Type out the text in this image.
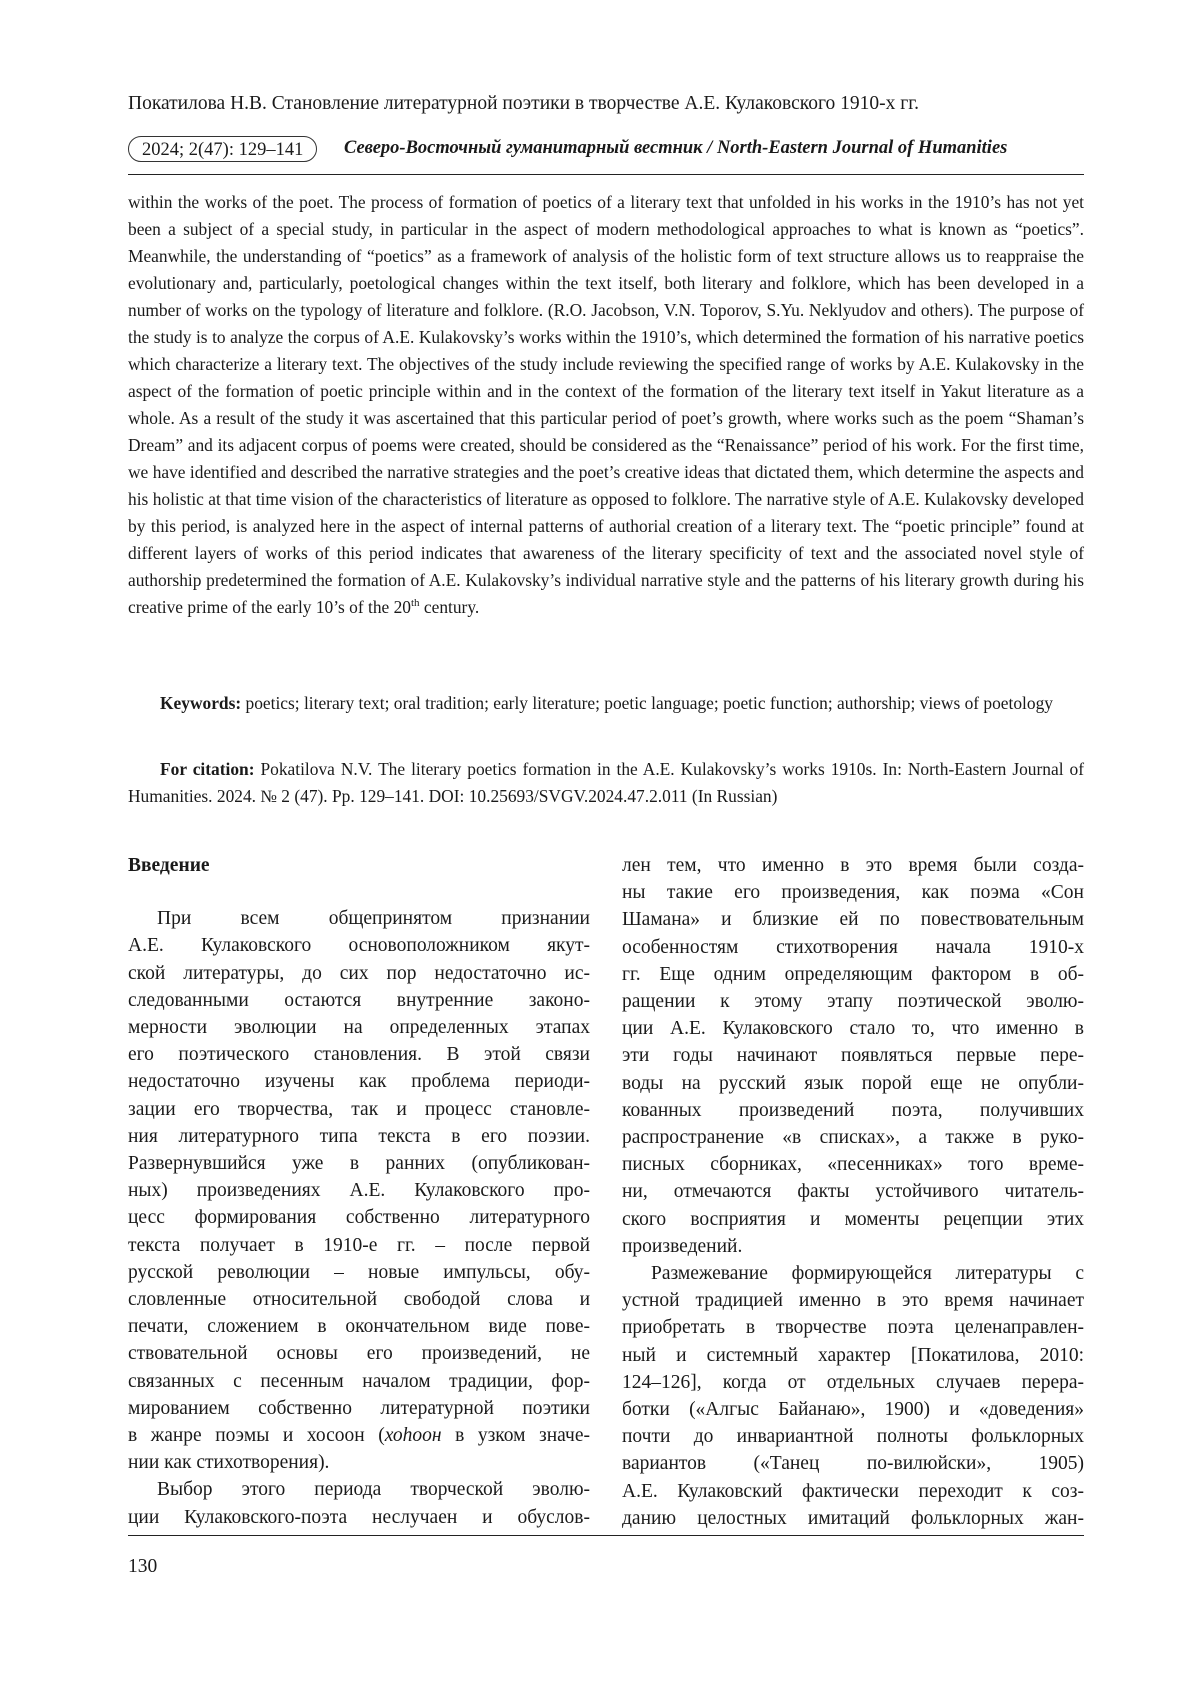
Покатилова Н.В. Становление литературной поэтики в творчестве А.Е. Кулаковского 1910-х гг.
2024; 2(47): 129–141	Северо-Восточный гуманитарный вестник / North-Eastern Journal of Humanities

within the works of the poet. The process of formation of poetics of a literary text that unfolded in his works in the 1910’s has not yet been a subject of a special study, in particular in the aspect of modern methodological approaches to what is known as “poetics”. Meanwhile, the understanding of “poetics” as a framework of analysis of the holistic form of text structure allows us to reappraise the evolutionary and, particularly, poetological changes within the text itself, both literary and folklore, which has been developed in a number of works on the typology of literature and folklore. (R.O. Jacobson, V.N. Toporov, S.Yu. Neklyudov and others). The purpose of the study is to analyze the corpus of A.E. Kulakovsky’s works within the 1910’s, which determined the formation of his narrative poetics which characterize a literary text. The objectives of the study include reviewing the specified range of works by A.E. Kulakovsky in the aspect of the formation of poetic principle within and in the context of the formation of the literary text itself in Yakut literature as a whole. As a result of the study it was ascertained that this particular period of poet’s growth, where works such as the poem “Shaman’s Dream” and its adjacent corpus of poems were created, should be considered as the “Renaissance” period of his work. For the first time, we have identified and described the narrative strategies and the poet’s creative ideas that dictated them, which determine the aspects and his holistic at that time vision of the characteristics of literature as opposed to folklore. The narrative style of A.E. Kulakovsky developed by this period, is analyzed here in the aspect of internal patterns of authorial creation of a literary text. The “poetic principle” found at different layers of works of this period indicates that awareness of the literary specificity of text and the associated novel style of authorship predetermined the formation of A.E. Kulakovsky’s individual narrative style and the patterns of his literary growth during his creative prime of the early 10’s of the 20th century.

Keywords: poetics; literary text; oral tradition; early literature; poetic language; poetic function; authorship; views of poetology

For citation: Pokatilova N.V. The literary poetics formation in the A.E. Kulakovsky’s works 1910s. In: North-Eastern Journal of Humanities. 2024. № 2 (47). Pp. 129–141. DOI: 10.25693/SVGV.2024.47.2.011 (In Russian)

Введение

При всем общепринятом признании

А.Е. Кулаковского основоположником якут-

ской литературы, до сих пор недостаточно ис-

следованными остаются внутренние законо-

мерности эволюции на определенных этапах

его поэтического становления. В этой связи

недостаточно изучены как проблема периоди-

зации его творчества, так и процесс становле-

ния литературного типа текста в его поэзии.

Развернувшийся уже в ранних (опубликован-

ных) произведениях А.Е. Кулаковского про-

цесс формирования собственно литературного

текста получает в 1910-е гг. – после первой

русской революции – новые импульсы, обу-

словленные относительной свободой слова и

печати, сложением в окончательном виде пове-

ствовательной основы его произведений, не

связанных с песенным началом традиции, фор-

мированием собственно литературной поэтики

в жанре поэмы и хосоон (хоhоон в узком значе-

нии как стихотворения).

Выбор этого периода творческой эволю-

ции Кулаковского-поэта неслучаен и обуслов-

лен тем, что именно в это время были созда-

ны такие его произведения, как поэма «Сон

Шамана» и близкие ей по повествовательным

особенностям стихотворения начала 1910-х

гг. Еще одним определяющим фактором в об-

ращении к этому этапу поэтической эволю-

ции А.Е. Кулаковского стало то, что именно в

эти годы начинают появляться первые пере-

воды на русский язык порой еще не опубли-

кованных произведений поэта, получивших

распространение «в списках», а также в руко-

писных сборниках, «песенниках» того време-

ни, отмечаются факты устойчивого читатель-

ского восприятия и моменты рецепции этих

произведений.

Размежевание формирующейся литературы с

устной традицией именно в это время начинает

приобретать в творчестве поэта целенаправлен-

ный и системный характер [Покатилова, 2010:

124–126], когда от отдельных случаев перера-

ботки («Алгыс Байанаю», 1900) и «доведения»

почти до инвариантной полноты фольклорных

вариантов («Танец по-вилюйски», 1905)

А.Е. Кулаковский фактически переходит к соз-

данию целостных имитаций фольклорных жан-

130
